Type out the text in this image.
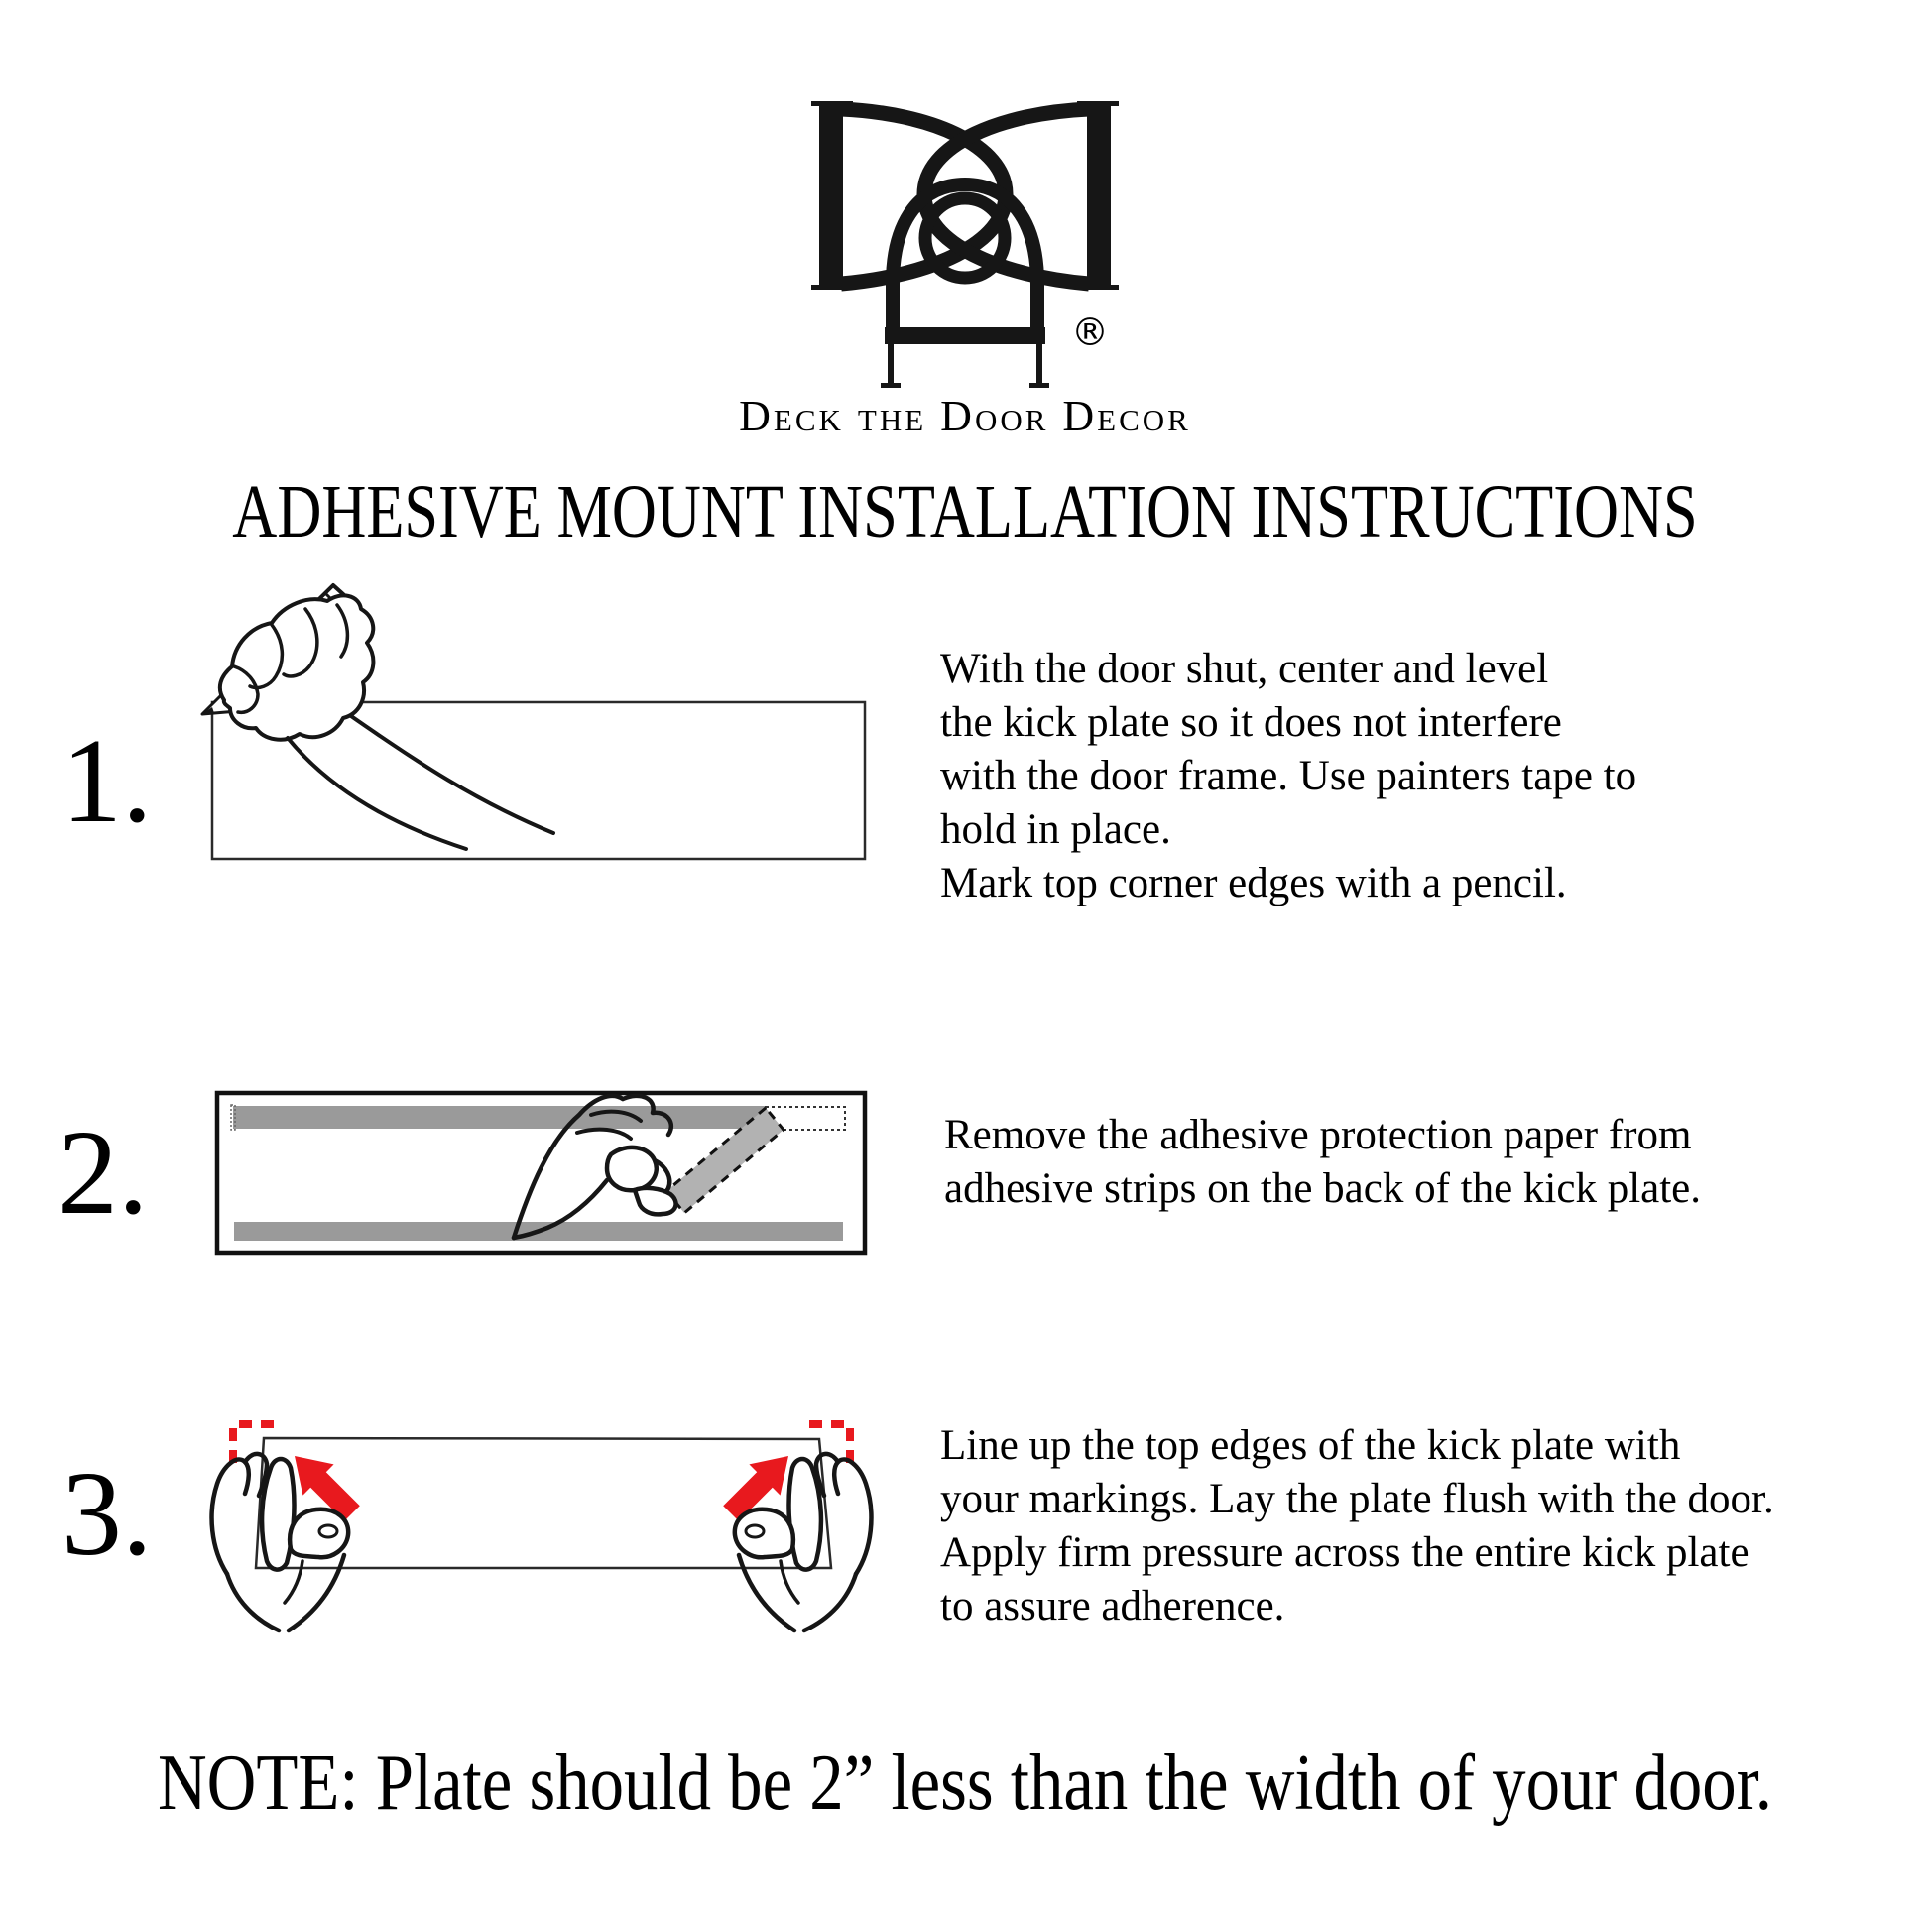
®
Deck the Door Decor
ADHESIVE MOUNT INSTALLATION INSTRUCTIONS
1.
With the door shut, center and level
the kick plate so it does not interfere
with the door frame. Use painters tape to
hold in place.
Mark top corner edges with a pencil.
2.	Remove the adhesive protection paper from
adhesive strips on the back of the kick plate.
3.
Line up the top edges of the kick plate with
your markings. Lay the plate flush with the door.
Apply firm pressure across the entire kick plate
to assure adherence.
NOTE: Plate should be 2” less than the width of your door.
